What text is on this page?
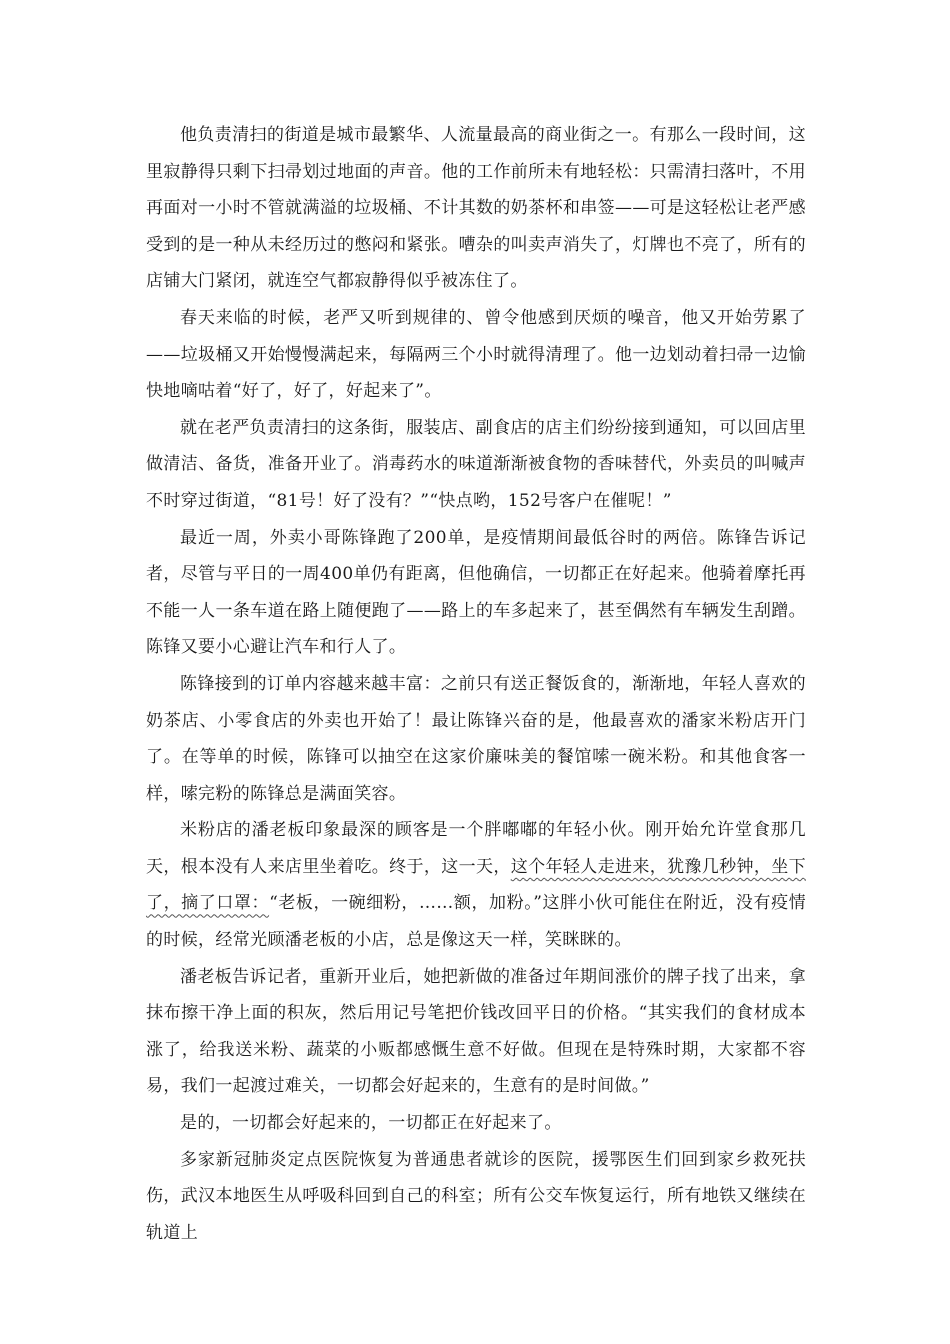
他负责清扫的街道是城市最繁华、人流量最高的商业街之一。有那么一段时间，这里寂静得只剩下扫帚划过地面的声音。他的工作前所未有地轻松：只需清扫落叶，不用再面对一小时不管就满溢的垃圾桶、不计其数的奶茶杯和串签——可是这轻松让老严感受到的是一种从未经历过的憋闷和紧张。嘈杂的叫卖声消失了，灯牌也不亮了，所有的店铺大门紧闭，就连空气都寂静得似乎被冻住了。

春天来临的时候，老严又听到规律的、曾令他感到厌烦的噪音，他又开始劳累了——垃圾桶又开始慢慢满起来，每隔两三个小时就得清理了。他一边划动着扫帚一边愉快地嘀咕着“好了，好了，好起来了”。

就在老严负责清扫的这条街，服装店、副食店的店主们纷纷接到通知，可以回店里做清洁、备货，准备开业了。消毒药水的味道渐渐被食物的香味替代，外卖员的叫喊声不时穿过街道，“81号！好了没有？”“快点哟，152号客户在催呢！”

最近一周，外卖小哥陈锋跑了200单，是疫情期间最低谷时的两倍。陈锋告诉记者，尽管与平日的一周400单仍有距离，但他确信，一切都正在好起来。他骑着摩托再不能一人一条车道在路上随便跑了——路上的车多起来了，甚至偶然有车辆发生刮蹭。陈锋又要小心避让汽车和行人了。

陈锋接到的订单内容越来越丰富：之前只有送正餐饭食的，渐渐地，年轻人喜欢的奶茶店、小零食店的外卖也开始了！最让陈锋兴奋的是，他最喜欢的潘家米粉店开门了。在等单的时候，陈锋可以抽空在这家价廉味美的餐馆嗦一碗米粉。和其他食客一样，嗦完粉的陈锋总是满面笑容。

米粉店的潘老板印象最深的顾客是一个胖嘟嘟的年轻小伙。刚开始允许堂食那几天，根本没有人来店里坐着吃。终于，这一天，这个年轻人走进来，犹豫几秒钟，坐下了，摘了口罩：“老板，一碗细粉，……额，加粉。”这胖小伙可能住在附近，没有疫情的时候，经常光顾潘老板的小店，总是像这天一样，笑眯眯的。

潘老板告诉记者，重新开业后，她把新做的准备过年期间涨价的牌子找了出来，拿抹布擦干净上面的积灰，然后用记号笔把价钱改回平日的价格。“其实我们的食材成本涨了，给我送米粉、蔬菜的小贩都感慨生意不好做。但现在是特殊时期，大家都不容易，我们一起渡过难关，一切都会好起来的，生意有的是时间做。”

是的，一切都会好起来的，一切都正在好起来了。

多家新冠肺炎定点医院恢复为普通患者就诊的医院，援鄂医生们回到家乡救死扶伤，武汉本地医生从呼吸科回到自己的科室；所有公交车恢复运行，所有地铁又继续在轨道上
